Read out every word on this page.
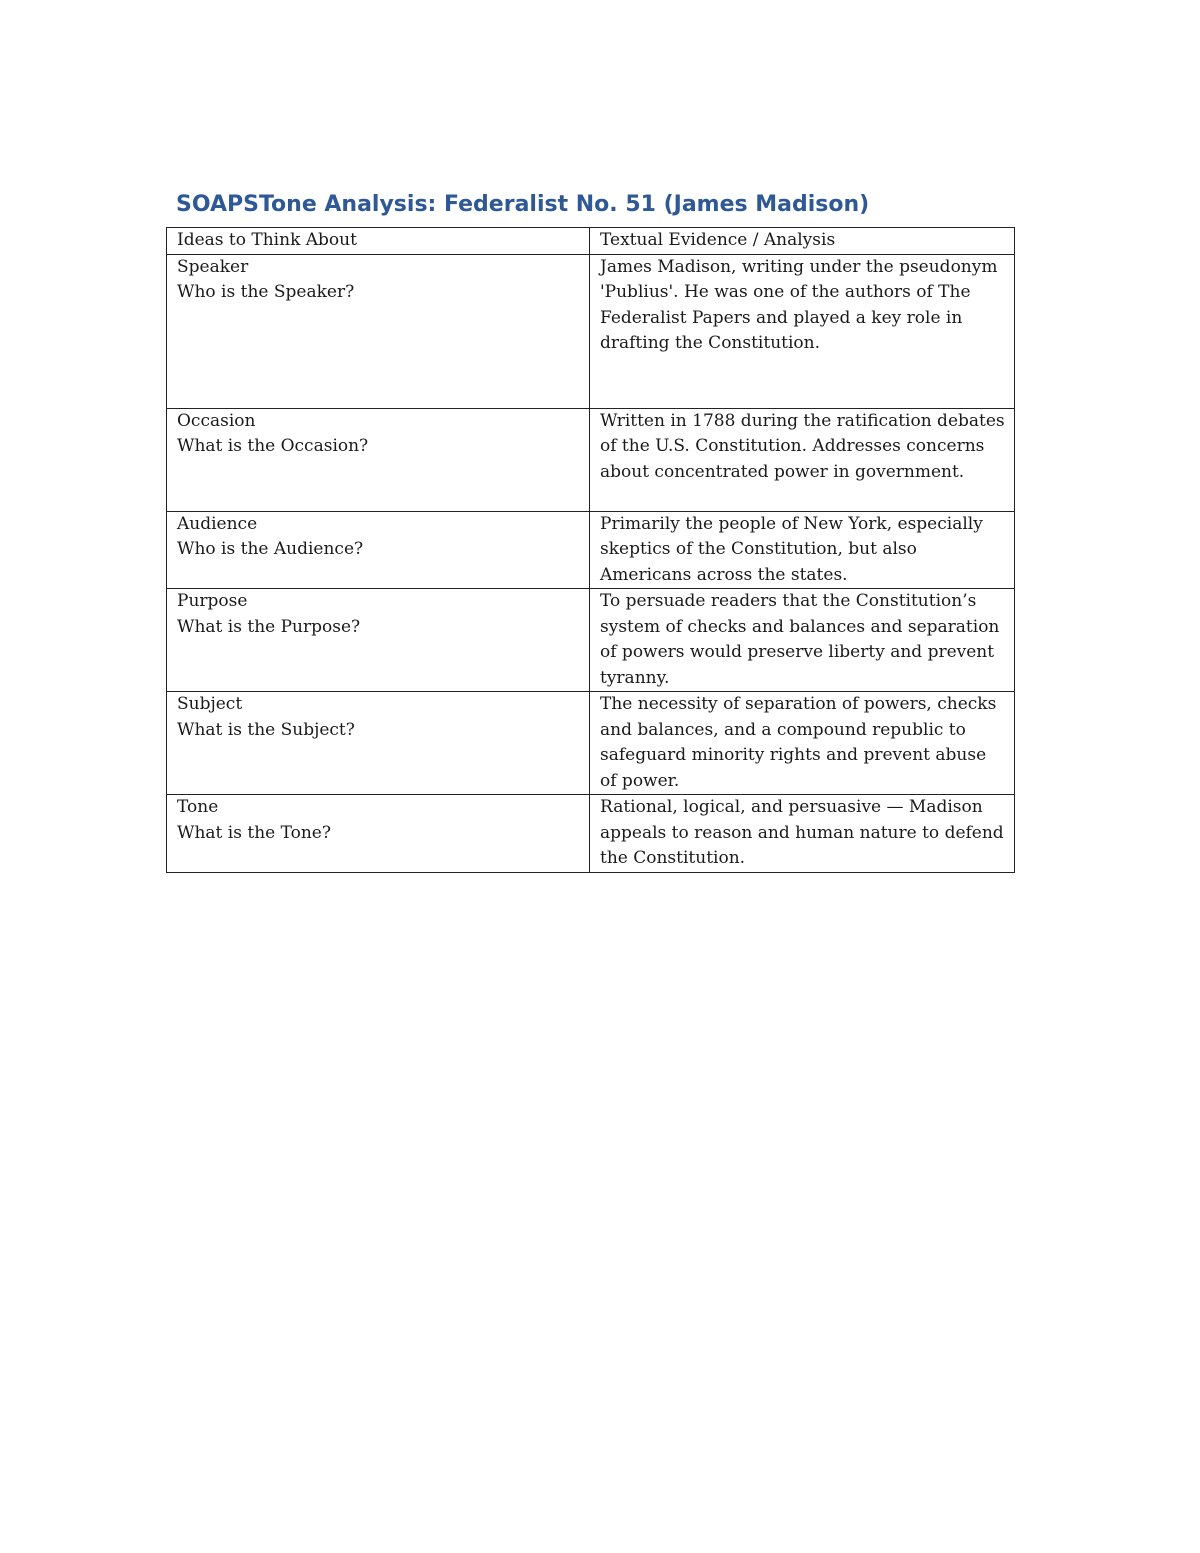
SOAPSTone Analysis: Federalist No. 51 (James Madison)
Ideas to Think About	Textual Evidence / Analysis

Speaker
Who is the Speaker?	James Madison, writing under the pseudonym 'Publius'. He was one of the authors of The Federalist Papers and played a key role in drafting the Constitution.

Occasion
What is the Occasion?	Written in 1788 during the ratification debates of the U.S. Constitution. Addresses concerns about concentrated power in government.

Audience
Who is the Audience?	Primarily the people of New York, especially skeptics of the Constitution, but also Americans across the states.

Purpose
What is the Purpose?	To persuade readers that the Constitution’s system of checks and balances and separation of powers would preserve liberty and prevent tyranny.

Subject
What is the Subject?	The necessity of separation of powers, checks and balances, and a compound republic to safeguard minority rights and prevent abuse of power.

Tone
What is the Tone?	Rational, logical, and persuasive — Madison appeals to reason and human nature to defend the Constitution.
